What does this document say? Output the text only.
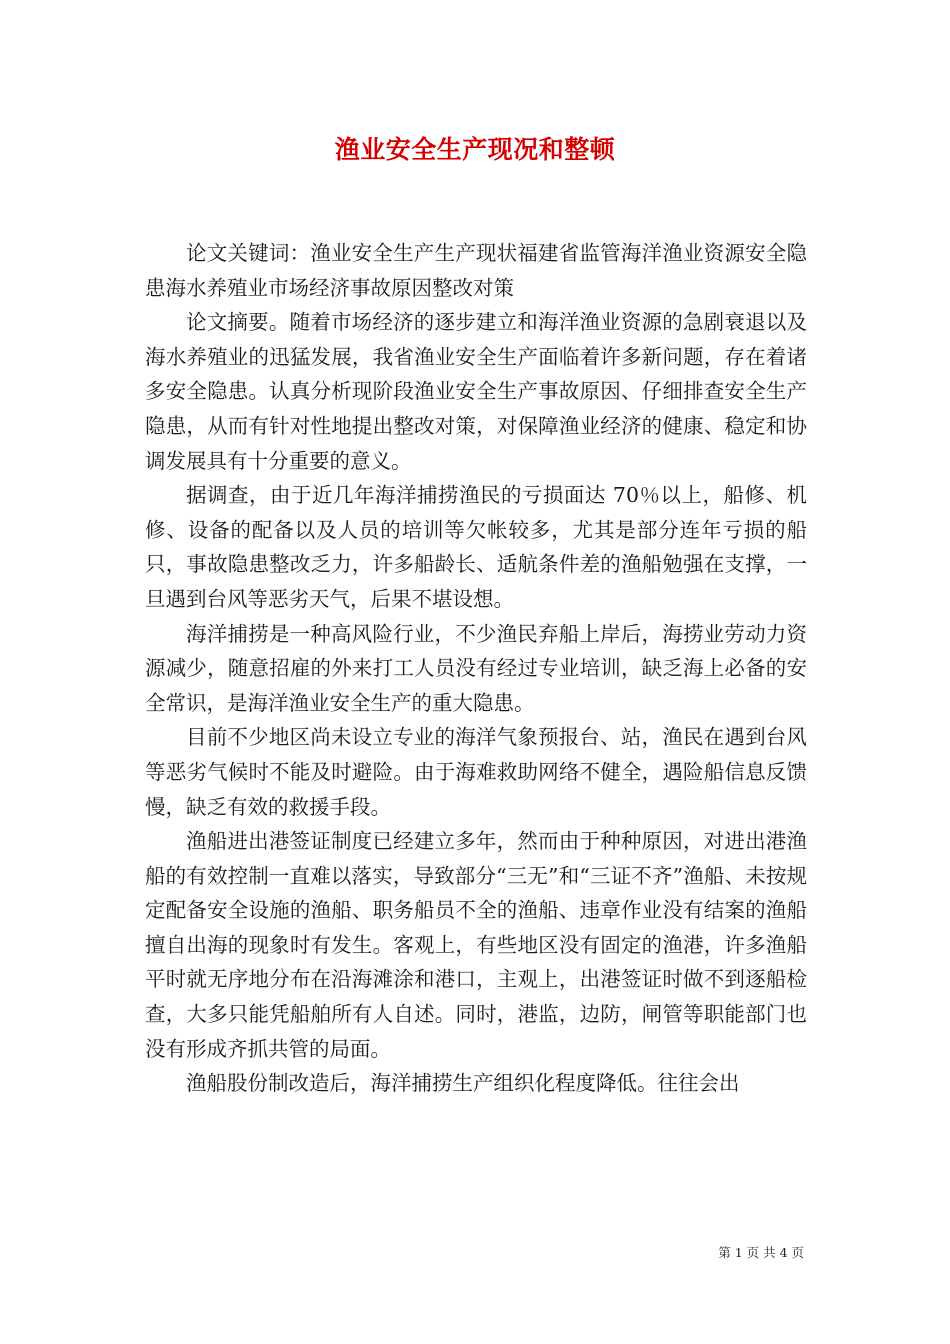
渔业安全生产现况和整顿

论文关键词：渔业安全生产生产现状福建省监管海洋渔业资源安全隐患海水养殖业市场经济事故原因整改对策

论文摘要。随着市场经济的逐步建立和海洋渔业资源的急剧衰退以及海水养殖业的迅猛发展，我省渔业安全生产面临着许多新问题，存在着诸多安全隐患。认真分析现阶段渔业安全生产事故原因、仔细排查安全生产隐患，从而有针对性地提出整改对策，对保障渔业经济的健康、稳定和协调发展具有十分重要的意义。

据调查，由于近几年海洋捕捞渔民的亏损面达 70％以上，船修、机修、设备的配备以及人员的培训等欠帐较多，尤其是部分连年亏损的船只，事故隐患整改乏力，许多船龄长、适航条件差的渔船勉强在支撑，一旦遇到台风等恶劣天气，后果不堪设想。

海洋捕捞是一种高风险行业，不少渔民弃船上岸后，海捞业劳动力资源减少，随意招雇的外来打工人员没有经过专业培训，缺乏海上必备的安全常识，是海洋渔业安全生产的重大隐患。

目前不少地区尚未设立专业的海洋气象预报台、站，渔民在遇到台风等恶劣气候时不能及时避险。由于海难救助网络不健全，遇险船信息反馈慢，缺乏有效的救援手段。

渔船进出港签证制度已经建立多年，然而由于种种原因，对进出港渔船的有效控制一直难以落实，导致部分“三无”和“三证不齐”渔船、未按规定配备安全设施的渔船、职务船员不全的渔船、违章作业没有结案的渔船擅自出海的现象时有发生。客观上，有些地区没有固定的渔港，许多渔船平时就无序地分布在沿海滩涂和港口，主观上，出港签证时做不到逐船检查，大多只能凭船舶所有人自述。同时，港监，边防，闸管等职能部门也没有形成齐抓共管的局面。

渔船股份制改造后，海洋捕捞生产组织化程度降低。往往会出

第 1 页 共 4 页
